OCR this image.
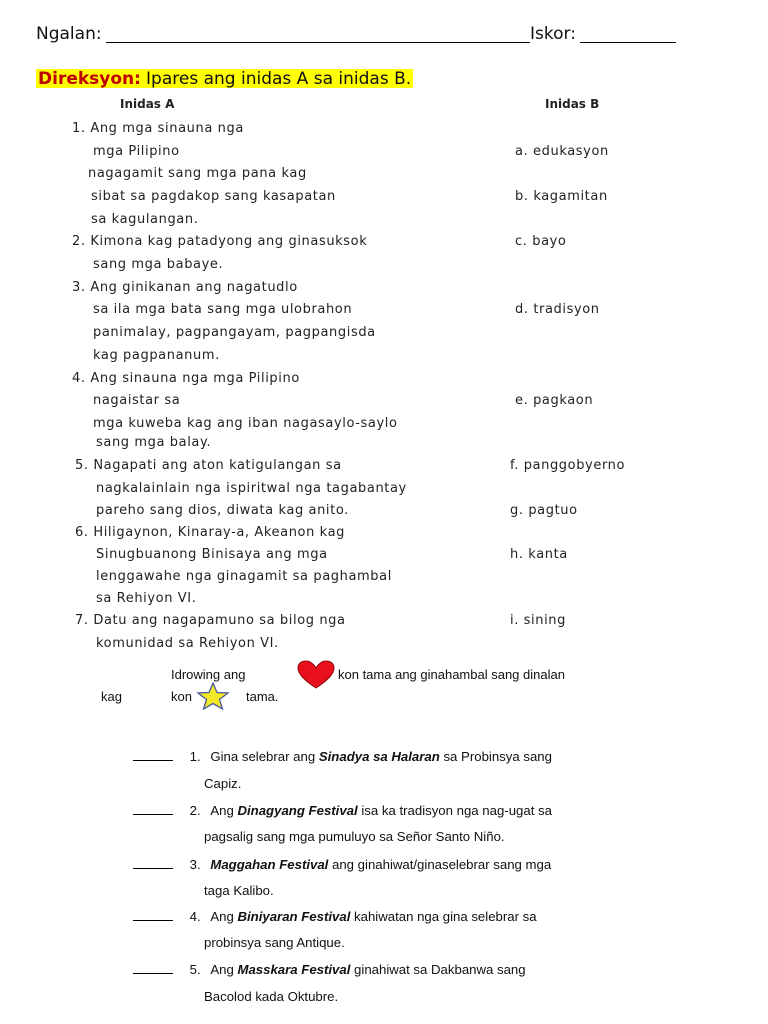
Ngalan:	Iskor:
Direksyon: Ipares ang inidas A sa inidas B.
Inidas A	Inidas B
1. Ang mga sinauna nga
mga Pilipino
nagagamit sang mga pana kag
sibat sa pagdakop sang kasapatan
sa kagulangan.
2. Kimona kag patadyong ang ginasuksok
sang mga babaye.
3. Ang ginikanan ang nagatudlo
sa ila mga bata sang mga ulobrahon
panimalay, pagpangayam, pagpangisda
kag pagpananum.
4. Ang sinauna nga mga Pilipino
nagaistar sa
mga kuweba kag ang iban nagasaylo-saylo
sang mga balay.
5. Nagapati ang aton katigulangan sa
nagkalainlain nga ispiritwal nga tagabantay
pareho sang dios, diwata kag anito.
6. Hiligaynon, Kinaray-a, Akeanon kag
Sinugbuanong Binisaya ang mga
lenggawahe nga ginagamit sa paghambal
sa Rehiyon VI.
7. Datu ang nagapamuno sa bilog nga
komunidad sa Rehiyon VI.
a. edukasyon
b. kagamitan
c. bayo
d. tradisyon
e. pagkaon
f. panggobyerno
g. pagtuo
h. kanta
i. sining
Idrowing ang	kon tama ang ginahambal sang dinalan
kag	kon	tama.
1. Gina selebrar ang Sinadya sa Halaran sa Probinsya sang
Capiz.
2. Ang Dinagyang Festival isa ka tradisyon nga nag-ugat sa
pagsalig sang mga pumuluyo sa Señor Santo Niño.
3. Maggahan Festival ang ginahiwat/ginaselebrar sang mga
taga Kalibo.
4. Ang Biniyaran Festival kahiwatan nga gina selebrar sa
probinsya sang Antique.
5. Ang Masskara Festival ginahiwat sa Dakbanwa sang
Bacolod kada Oktubre.
